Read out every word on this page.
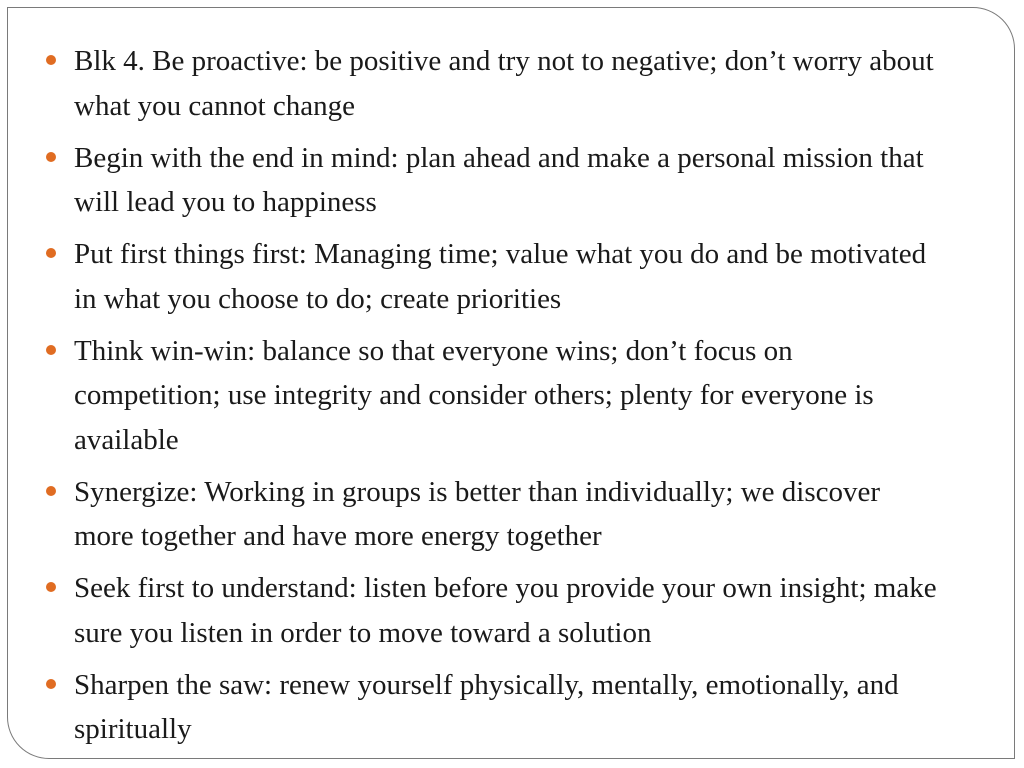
Blk 4. Be proactive: be positive and try not to negative; don’t worry about what you cannot change
Begin with the end in mind: plan ahead and make a personal mission that will lead you to happiness
Put first things first: Managing time; value what you do and be motivated in what you choose to do; create priorities
Think win-win: balance so that everyone wins; don’t focus on competition; use integrity and consider others; plenty for everyone is available
Synergize: Working in groups is better than individually; we discover more together and have more energy together
Seek first to understand: listen before you provide your own insight; make sure you listen in order to move toward a solution
Sharpen the saw: renew yourself physically, mentally, emotionally, and spiritually
